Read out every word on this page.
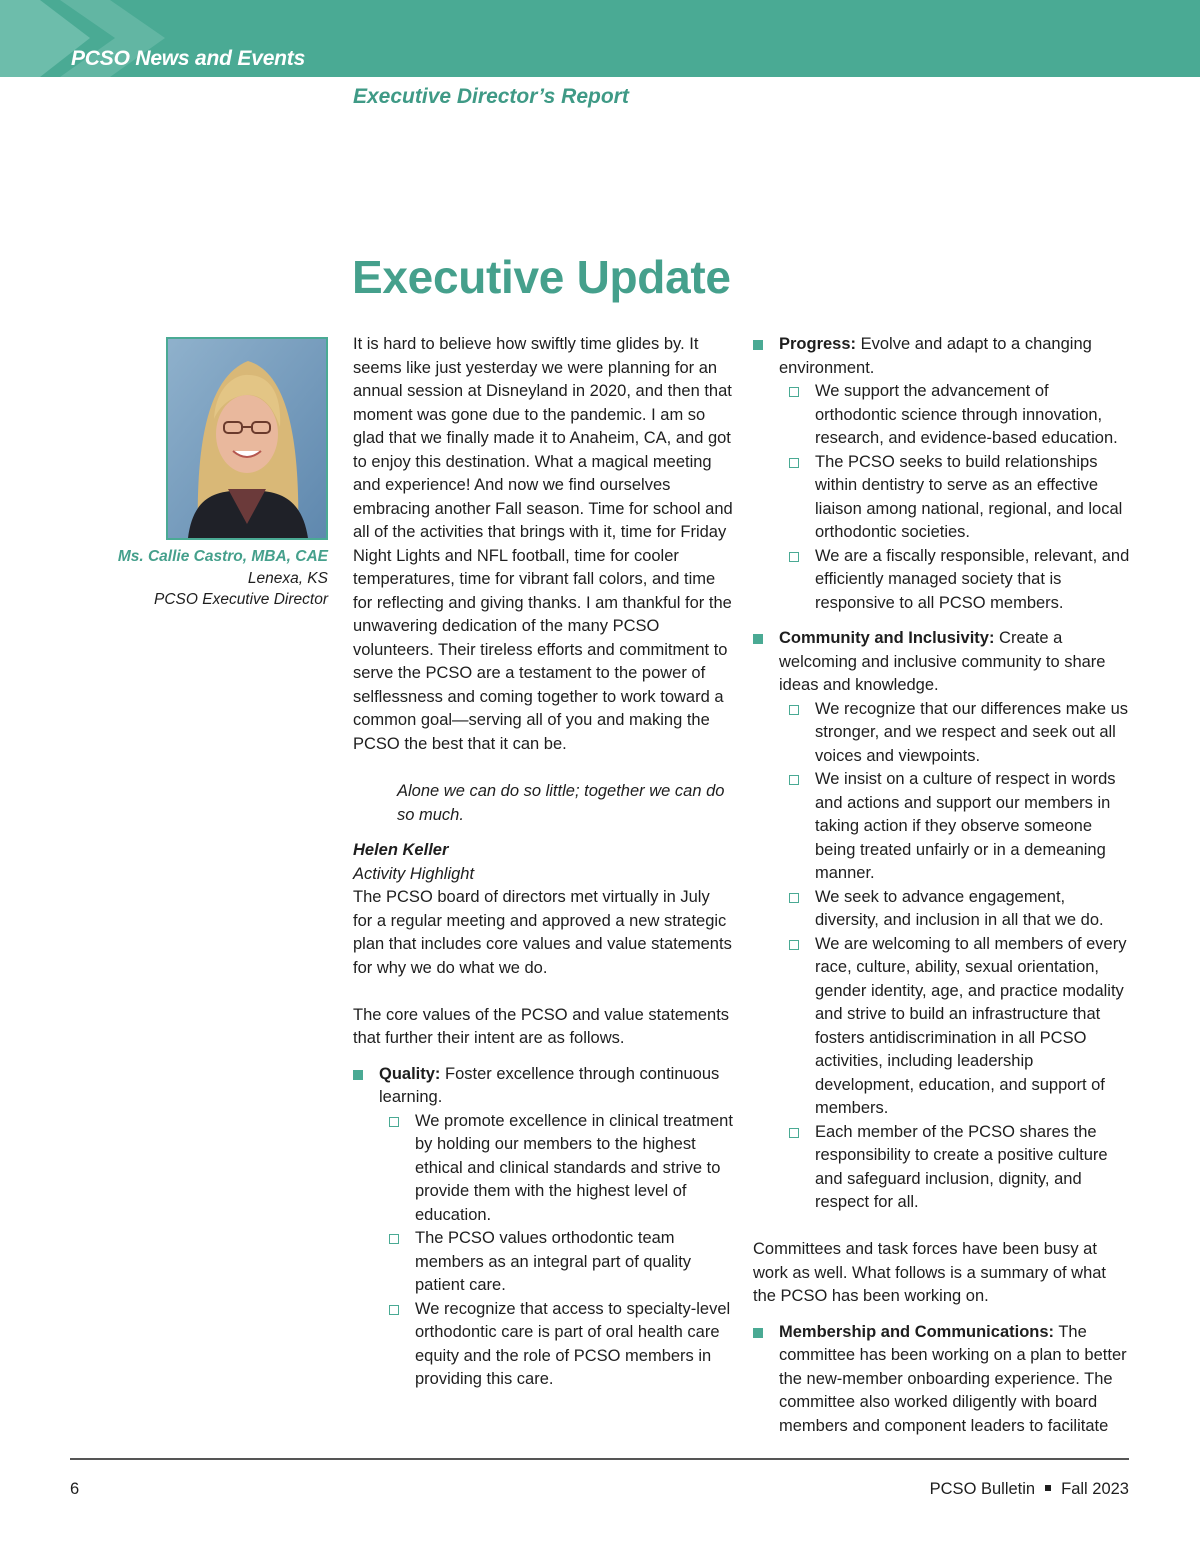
PCSO News and Events
Executive Director’s Report
Executive Update
Ms. Callie Castro, MBA, CAE
Lenexa, KS
PCSO Executive Director

It is hard to believe how swiftly time glides by. It seems like just yesterday we were planning for an annual session at Disneyland in 2020, and then that moment was gone due to the pandemic. I am so glad that we finally made it to Anaheim, CA, and got to enjoy this destination. What a magical meeting and experience! And now we find ourselves embracing another Fall season. Time for school and all of the activities that brings with it, time for Friday Night Lights and NFL football, time for cooler temperatures, time for vibrant fall colors, and time for reflecting and giving thanks. I am thankful for the unwavering dedication of the many PCSO volunteers. Their tireless efforts and commitment to serve the PCSO are a testament to the power of selflessness and coming together to work toward a common goal—serving all of you and making the PCSO the best that it can be.

Alone we can do so little; together we can do so much.

Helen Keller

Activity Highlight

The PCSO board of directors met virtually in July for a regular meeting and approved a new strategic plan that includes core values and value statements for why we do what we do.

The core values of the PCSO and value statements that further their intent are as follows.

Quality: Foster excellence through continuous learning.
We promote excellence in clinical treatment by holding our members to the highest ethical and clinical standards and strive to provide them with the highest level of education.
The PCSO values orthodontic team members as an integral part of quality patient care.
We recognize that access to specialty-level orthodontic care is part of oral health care equity and the role of PCSO members in providing this care.
Progress: Evolve and adapt to a changing environment.
We support the advancement of orthodontic science through innovation, research, and evidence-based education.
The PCSO seeks to build relationships within dentistry to serve as an effective liaison among national, regional, and local orthodontic societies.
We are a fiscally responsible, relevant, and efficiently managed society that is responsive to all PCSO members.
Community and Inclusivity: Create a welcoming and inclusive community to share ideas and knowledge.
We recognize that our differences make us stronger, and we respect and seek out all voices and viewpoints.
We insist on a culture of respect in words and actions and support our members in taking action if they observe someone being treated unfairly or in a demeaning manner.
We seek to advance engagement, diversity, and inclusion in all that we do.
We are welcoming to all members of every race, culture, ability, sexual orientation, gender identity, age, and practice modality and strive to build an infrastructure that fosters antidiscrimination in all PCSO activities, including leadership development, education, and support of members.
Each member of the PCSO shares the responsibility to create a positive culture and safeguard inclusion, dignity, and respect for all.

Committees and task forces have been busy at work as well. What follows is a summary of what the PCSO has been working on.

Membership and Communications: The committee has been working on a plan to better the new-member onboarding experience. The committee also worked diligently with board members and component leaders to facilitate
6	PCSO Bulletin Fall 2023
